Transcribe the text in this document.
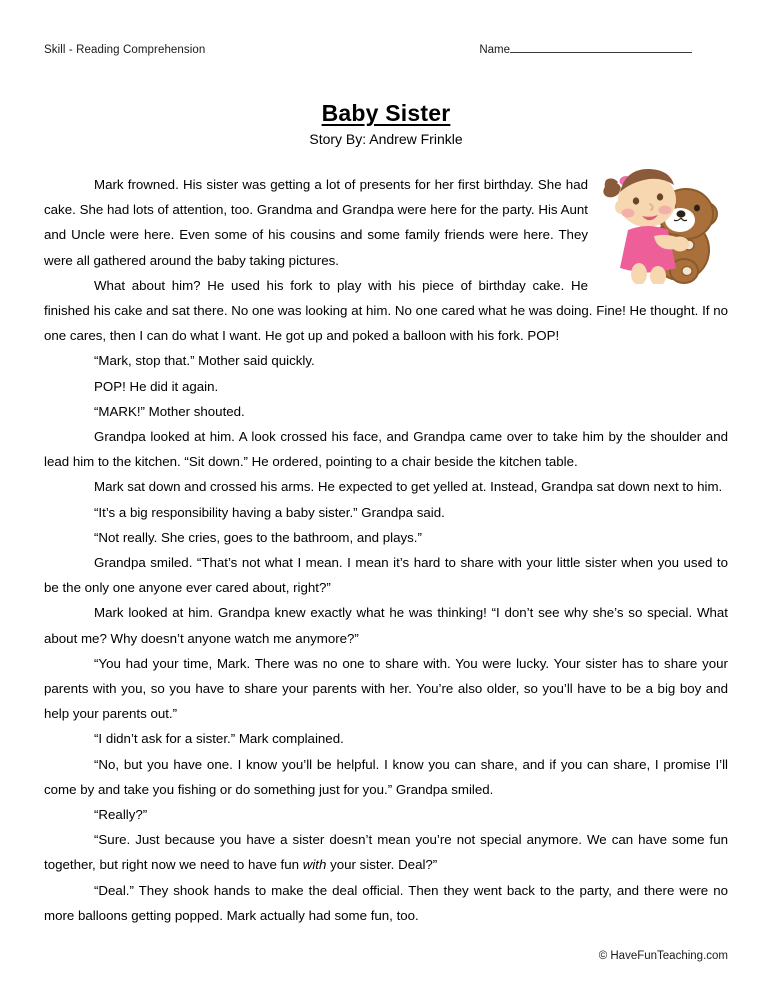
Skill - Reading Comprehension	Name
Baby Sister

Story By: Andrew Frinkle

Mark frowned. His sister was getting a lot of presents for her first birthday. She had cake. She had lots of attention, too. Grandma and Grandpa were here for the party. His Aunt and Uncle were here. Even some of his cousins and some family friends were here. They were all gathered around the baby taking pictures.

What about him? He used his fork to play with his piece of birthday cake. He finished his cake and sat there. No one was looking at him. No one cared what he was doing. Fine! He thought. If no one cares, then I can do what I want. He got up and poked a balloon with his fork. POP!

“Mark, stop that.” Mother said quickly.

POP! He did it again.

“MARK!” Mother shouted.

Grandpa looked at him. A look crossed his face, and Grandpa came over to take him by the shoulder and lead him to the kitchen. “Sit down.” He ordered, pointing to a chair beside the kitchen table.

Mark sat down and crossed his arms. He expected to get yelled at. Instead, Grandpa sat down next to him.

“It’s a big responsibility having a baby sister.” Grandpa said.

“Not really. She cries, goes to the bathroom, and plays.”

Grandpa smiled. “That’s not what I mean. I mean it’s hard to share with your little sister when you used to be the only one anyone ever cared about, right?”

Mark looked at him. Grandpa knew exactly what he was thinking! “I don’t see why she’s so special. What about me? Why doesn’t anyone watch me anymore?”

“You had your time, Mark. There was no one to share with. You were lucky. Your sister has to share your parents with you, so you have to share your parents with her. You’re also older, so you’ll have to be a big boy and help your parents out.”

“I didn’t ask for a sister.” Mark complained.

“No, but you have one. I know you’ll be helpful. I know you can share, and if you can share, I promise I’ll come by and take you fishing or do something just for you.” Grandpa smiled.

“Really?”

“Sure. Just because you have a sister doesn’t mean you’re not special anymore. We can have some fun together, but right now we need to have fun with your sister. Deal?”

“Deal.” They shook hands to make the deal official. Then they went back to the party, and there were no more balloons getting popped. Mark actually had some fun, too.

© HaveFunTeaching.com
